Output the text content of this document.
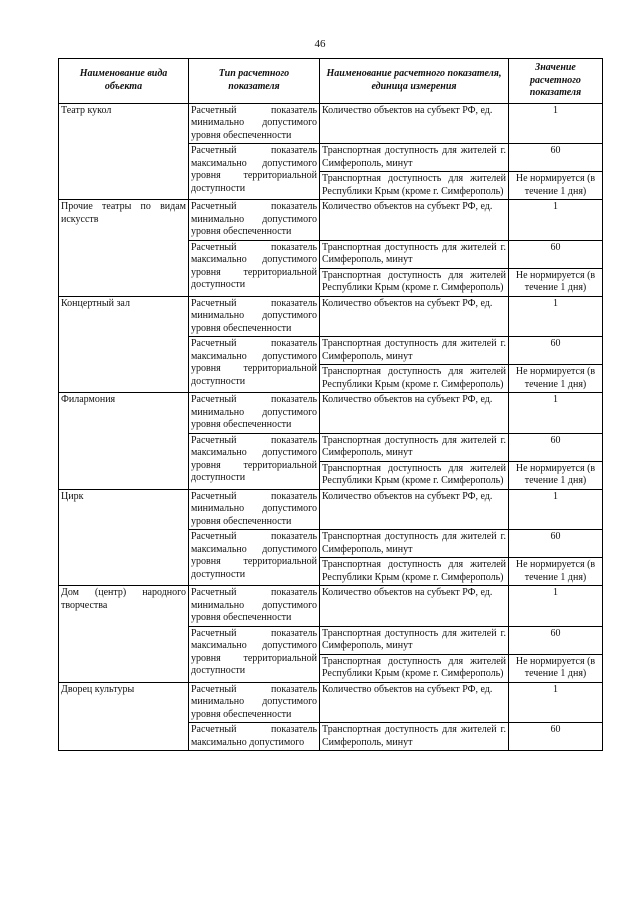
46
Наименование вида объекта	Тип расчетного показателя	Наименование расчетного показателя, единица измерения	Значение расчетного показателя
Театр кукол	Расчетный показатель минимально допустимого уровня обеспеченности	Количество объектов на субъект РФ, ед.	1
	Расчетный показатель максимально допустимого уровня территориальной доступности	Транспортная доступность для жителей г. Симферополь, минут	60
		Транспортная доступность для жителей Республики Крым (кроме г. Симферополь)	Не нормируется (в течение 1 дня)
Прочие театры по видам искусств	Расчетный показатель минимально допустимого уровня обеспеченности	Количество объектов на субъект РФ, ед.	1
	Расчетный показатель максимально допустимого уровня территориальной доступности	Транспортная доступность для жителей г. Симферополь, минут	60
		Транспортная доступность для жителей Республики Крым (кроме г. Симферополь)	Не нормируется (в течение 1 дня)
Концертный зал	Расчетный показатель минимально допустимого уровня обеспеченности	Количество объектов на субъект РФ, ед.	1
	Расчетный показатель максимально допустимого уровня территориальной доступности	Транспортная доступность для жителей г. Симферополь, минут	60
		Транспортная доступность для жителей Республики Крым (кроме г. Симферополь)	Не нормируется (в течение 1 дня)
Филармония	Расчетный показатель минимально допустимого уровня обеспеченности	Количество объектов на субъект РФ, ед.	1
	Расчетный показатель максимально допустимого уровня территориальной доступности	Транспортная доступность для жителей г. Симферополь, минут	60
		Транспортная доступность для жителей Республики Крым (кроме г. Симферополь)	Не нормируется (в течение 1 дня)
Цирк	Расчетный показатель минимально допустимого уровня обеспеченности	Количество объектов на субъект РФ, ед.	1
	Расчетный показатель максимально допустимого уровня территориальной доступности	Транспортная доступность для жителей г. Симферополь, минут	60
		Транспортная доступность для жителей Республики Крым (кроме г. Симферополь)	Не нормируется (в течение 1 дня)
Дом (центр) народного творчества	Расчетный показатель минимально допустимого уровня обеспеченности	Количество объектов на субъект РФ, ед.	1
	Расчетный показатель максимально допустимого уровня территориальной доступности	Транспортная доступность для жителей г. Симферополь, минут	60
		Транспортная доступность для жителей Республики Крым (кроме г. Симферополь)	Не нормируется (в течение 1 дня)
Дворец культуры	Расчетный показатель минимально допустимого уровня обеспеченности	Количество объектов на субъект РФ, ед.	1
	Расчетный показатель максимально допустимого	Транспортная доступность для жителей г. Симферополь, минут	60
